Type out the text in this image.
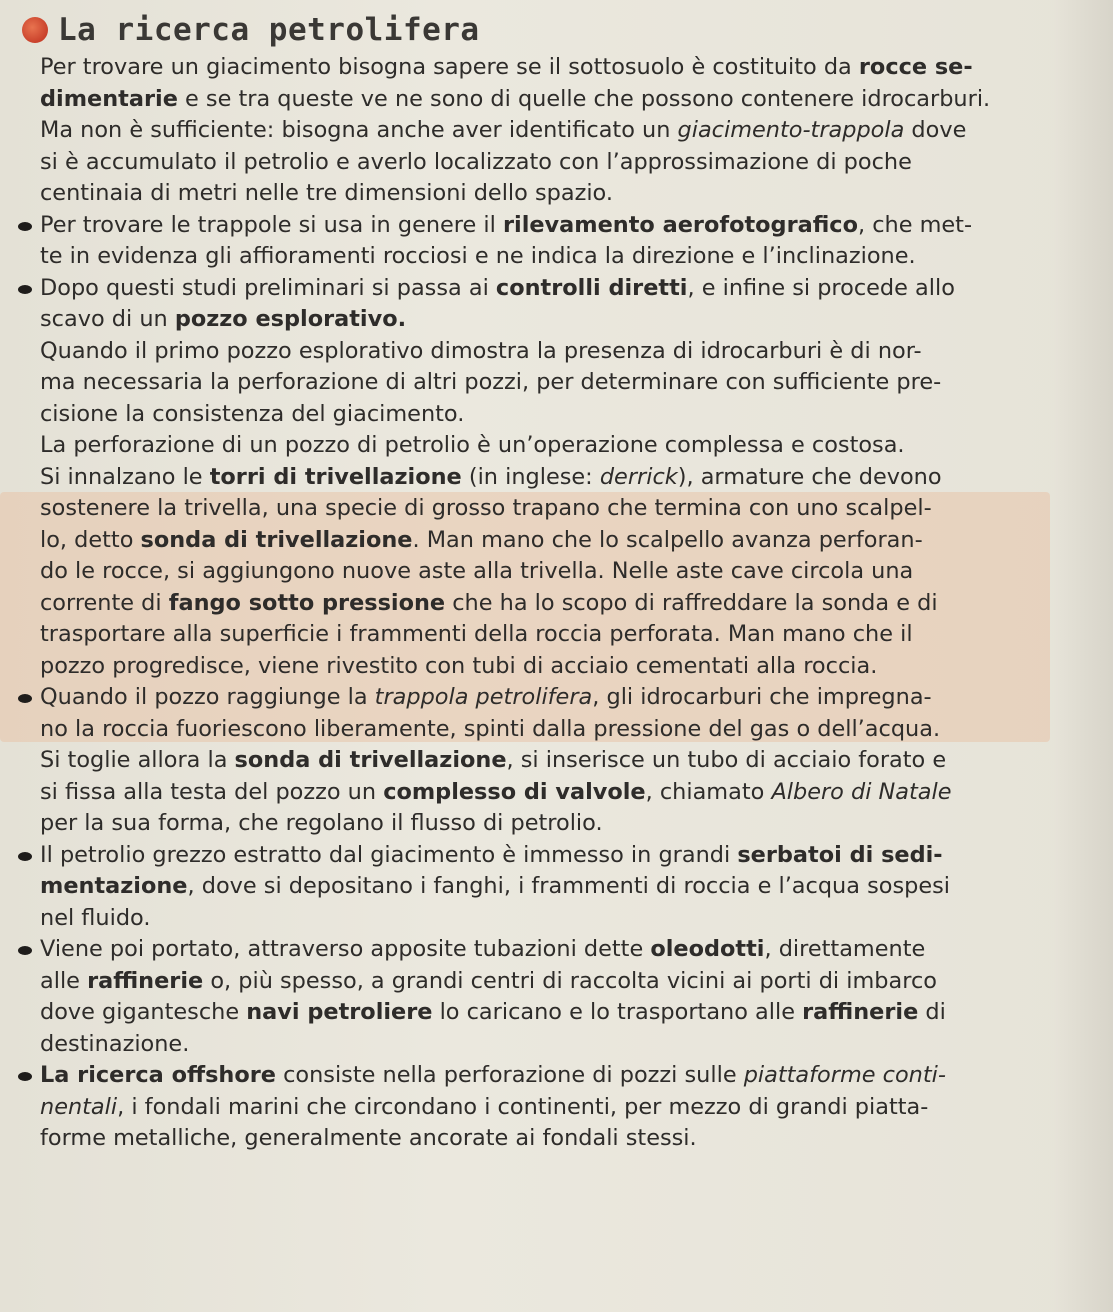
La ricerca petrolifera
Per trovare un giacimento bisogna sapere se il sottosuolo è costituito da rocce se-
dimentarie e se tra queste ve ne sono di quelle che possono contenere idrocarburi.
Ma non è sufficiente: bisogna anche aver identificato un giacimento-trappola dove
si è accumulato il petrolio e averlo localizzato con l’approssimazione di poche
centinaia di metri nelle tre dimensioni dello spazio.
Per trovare le trappole si usa in genere il rilevamento aerofotografico, che met-
te in evidenza gli affioramenti rocciosi e ne indica la direzione e l’inclinazione.
Dopo questi studi preliminari si passa ai controlli diretti, e infine si procede allo
scavo di un pozzo esplorativo.
Quando il primo pozzo esplorativo dimostra la presenza di idrocarburi è di nor-
ma necessaria la perforazione di altri pozzi, per determinare con sufficiente pre-
cisione la consistenza del giacimento.
La perforazione di un pozzo di petrolio è un’operazione complessa e costosa.
Si innalzano le torri di trivellazione (in inglese: derrick), armature che devono
sostenere la trivella, una specie di grosso trapano che termina con uno scalpel-
lo, detto sonda di trivellazione. Man mano che lo scalpello avanza perforan-
do le rocce, si aggiungono nuove aste alla trivella. Nelle aste cave circola una
corrente di fango sotto pressione che ha lo scopo di raffreddare la sonda e di
trasportare alla superficie i frammenti della roccia perforata. Man mano che il
pozzo progredisce, viene rivestito con tubi di acciaio cementati alla roccia.
Quando il pozzo raggiunge la trappola petrolifera, gli idrocarburi che impregna-
no la roccia fuoriescono liberamente, spinti dalla pressione del gas o dell’acqua.
Si toglie allora la sonda di trivellazione, si inserisce un tubo di acciaio forato e
si fissa alla testa del pozzo un complesso di valvole, chiamato Albero di Natale
per la sua forma, che regolano il flusso di petrolio.
Il petrolio grezzo estratto dal giacimento è immesso in grandi serbatoi di sedi-
mentazione, dove si depositano i fanghi, i frammenti di roccia e l’acqua sospesi
nel fluido.
Viene poi portato, attraverso apposite tubazioni dette oleodotti, direttamente
alle raffinerie o, più spesso, a grandi centri di raccolta vicini ai porti di imbarco
dove gigantesche navi petroliere lo caricano e lo trasportano alle raffinerie di
destinazione.
La ricerca offshore consiste nella perforazione di pozzi sulle piattaforme conti-
nentali, i fondali marini che circondano i continenti, per mezzo di grandi piatta-
forme metalliche, generalmente ancorate ai fondali stessi.
